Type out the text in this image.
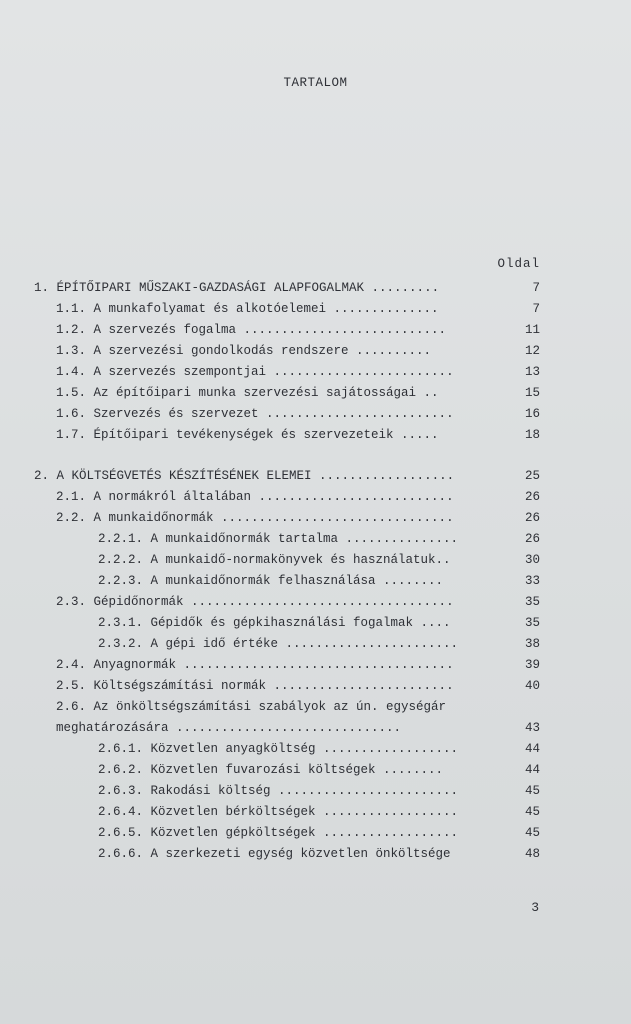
TARTALOM
Oldal
1. ÉPÍTŐIPARI MŰSZAKI-GAZDASÁGI ALAPFOGALMAK .........	7
1.1. A munkafolyamat és alkotóelemei ..............	7
1.2. A szervezés fogalma ...........................	11
1.3. A szervezési gondolkodás rendszere ..........	12
1.4. A szervezés szempontjai ........................	13
1.5. Az építőipari munka szervezési sajátosságai ..	15
1.6. Szervezés és szervezet .........................	16
1.7. Építőipari tevékenységek és szervezeteik .....	18
2. A KÖLTSÉGVETÉS KÉSZÍTÉSÉNEK ELEMEI ..................	25
2.1. A normákról általában ..........................	26
2.2. A munkaidőnormák ...............................	26
2.2.1. A munkaidőnormák tartalma ...............	26
2.2.2. A munkaidő-normakönyvek és használatuk..	30
2.2.3. A munkaidőnormák felhasználása ........	33
2.3. Gépidőnormák ...................................	35
2.3.1. Gépidők és gépkihasználási fogalmak ....	35
2.3.2. A gépi idő értéke .......................	38
2.4. Anyagnormák ....................................	39
2.5. Költségszámítási normák ........................	40
2.6. Az önköltségszámítási szabályok az ún. egységár
meghatározására ..............................	43
2.6.1. Közvetlen anyagköltség ..................	44
2.6.2. Közvetlen fuvarozási költségek ........	44
2.6.3. Rakodási költség ........................	45
2.6.4. Közvetlen bérköltségek ..................	45
2.6.5. Közvetlen gépköltségek ..................	45
2.6.6. A szerkezeti egység közvetlen önköltsége	48
3
